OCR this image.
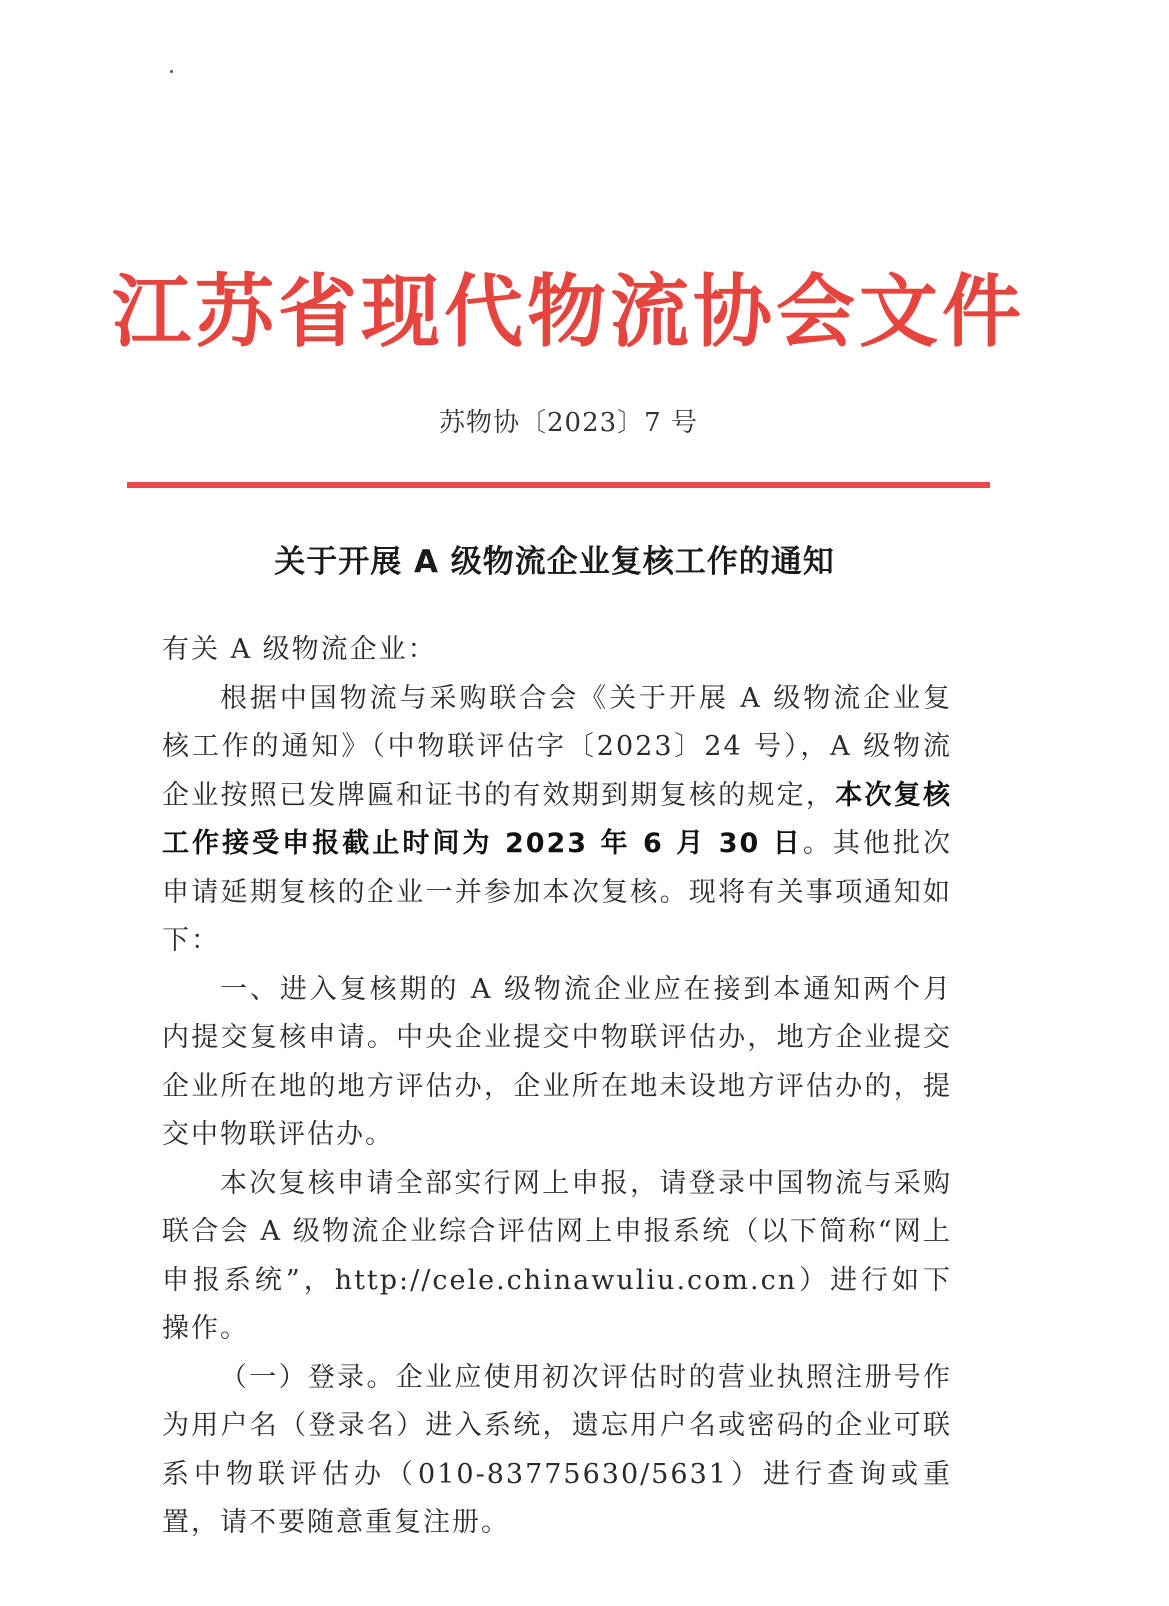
江苏省现代物流协会文件
苏物协〔2023〕7 号
关于开展 A 级物流企业复核工作的通知

有关 A 级物流企业：

根据中国物流与采购联合会《关于开展 A 级物流企业复核工作的通知》（中物联评估字〔2023〕24 号），A 级物流企业按照已发牌匾和证书的有效期到期复核的规定，本次复核工作接受申报截止时间为 2023 年 6 月 30 日。其他批次申请延期复核的企业一并参加本次复核。现将有关事项通知如下：

一、进入复核期的 A 级物流企业应在接到本通知两个月内提交复核申请。中央企业提交中物联评估办，地方企业提交企业所在地的地方评估办，企业所在地未设地方评估办的，提交中物联评估办。

本次复核申请全部实行网上申报，请登录中国物流与采购联合会 A 级物流企业综合评估网上申报系统（以下简称“网上申报系统”，http://cele.chinawuliu.com.cn）进行如下操作。

（一）登录。企业应使用初次评估时的营业执照注册号作为用户名（登录名）进入系统，遗忘用户名或密码的企业可联系中物联评估办（010-83775630/5631）进行查询或重置，请不要随意重复注册。
